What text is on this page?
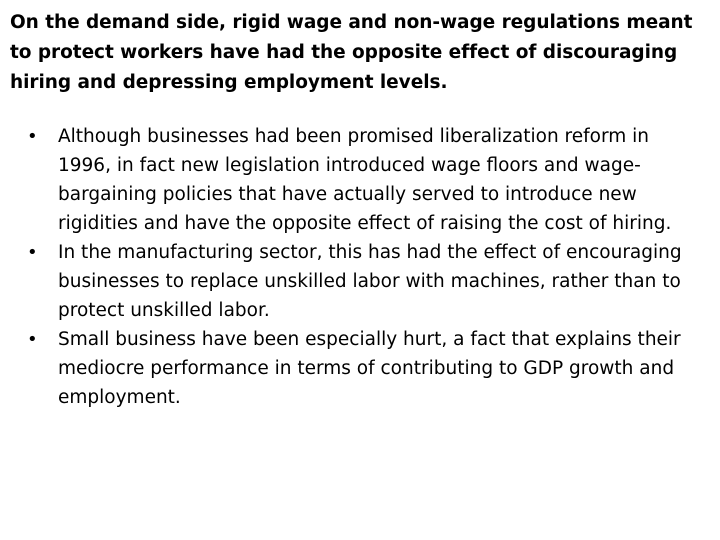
On the demand side, rigid wage and non-wage regulations meant to protect workers have had the opposite effect of discouraging hiring and depressing employment levels.

•	Although businesses had been promised liberalization reform in 1996, in fact new legislation introduced wage floors and wage-bargaining policies that have actually served to introduce new rigidities and have the opposite effect of raising the cost of hiring.
•	In the manufacturing sector, this has had the effect of encouraging businesses to replace unskilled labor with machines, rather than to protect unskilled labor.
•	Small business have been especially hurt, a fact that explains their mediocre performance in terms of contributing to GDP growth and employment.
